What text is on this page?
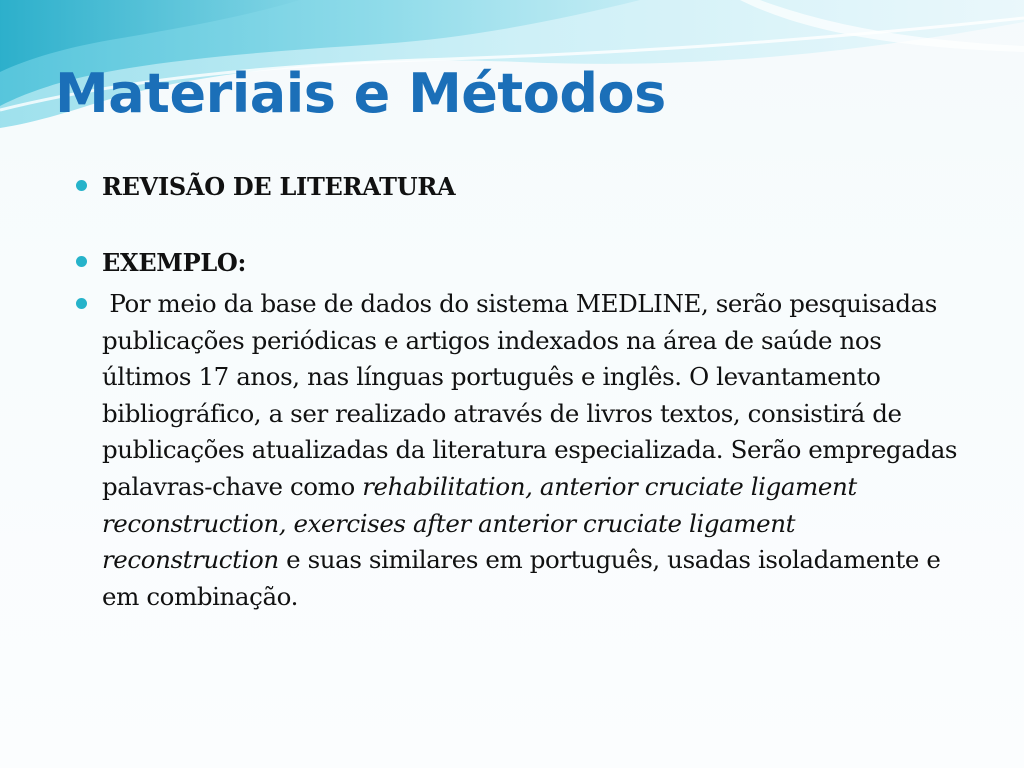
Materiais e Métodos
REVISÃO DE LITERATURA
EXEMPLO:
Por meio da base de dados do sistema MEDLINE, serão pesquisadas publicações periódicas e artigos indexados na área de saúde nos últimos 17 anos, nas línguas português e inglês. O levantamento bibliográfico, a ser realizado através de livros textos, consistirá de publicações atualizadas da literatura especializada. Serão empregadas palavras-chave como rehabilitation, anterior cruciate ligament reconstruction, exercises after anterior cruciate ligament reconstruction e suas similares em português, usadas isoladamente e em combinação.
